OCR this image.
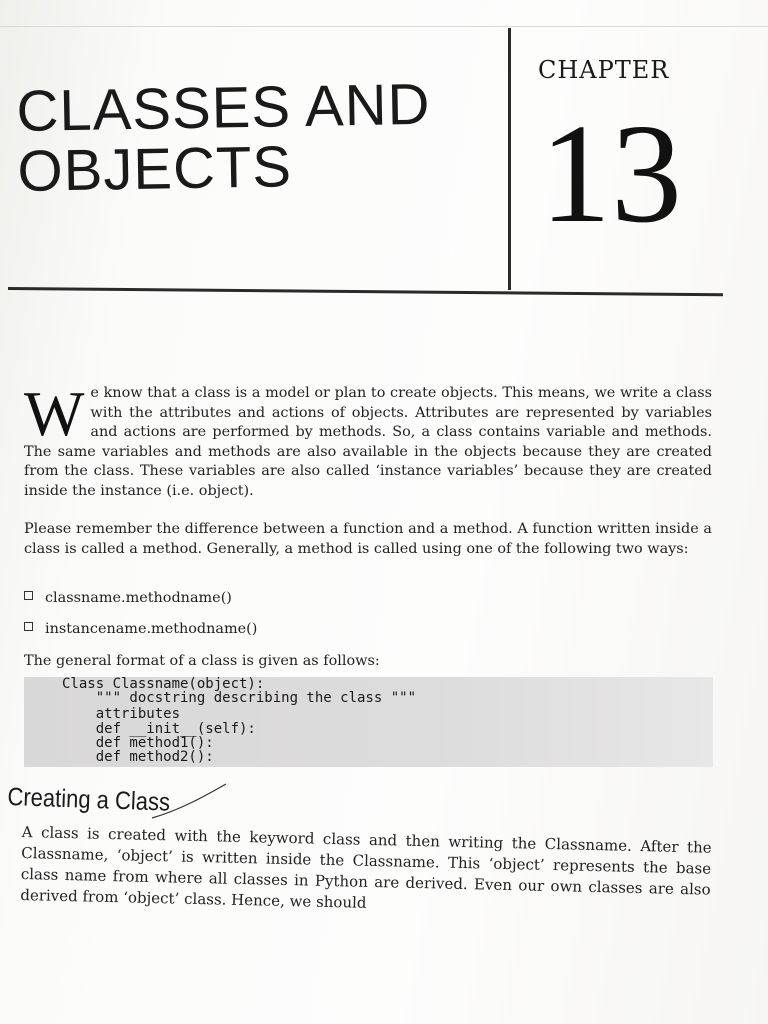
CLASSES AND
OBJECTS
CHAPTER
13
We know that a class is a model or plan to create objects. This means, we write a class with the attributes and actions of objects. Attributes are represented by variables and actions are performed by methods. So, a class contains variable and methods. The same variables and methods are also available in the objects because they are created from the class. These variables are also called ‘instance variables’ because they are created inside the instance (i.e. object).
Please remember the difference between a function and a method. A function written inside a class is called a method. Generally, a method is called using one of the following two ways:
classname.methodname()
instancename.methodname()
The general format of a class is given as follows:
Class Classname(object):
""" docstring describing the class """
attributes
def __init__(self):
def method1():
def method2():
Creating a Class
A class is created with the keyword class and then writing the Classname. After the Classname, ‘object’ is written inside the Classname. This ‘object’ represents the base class name from where all classes in Python are derived. Even our own classes are also derived from ‘object’ class. Hence, we should
